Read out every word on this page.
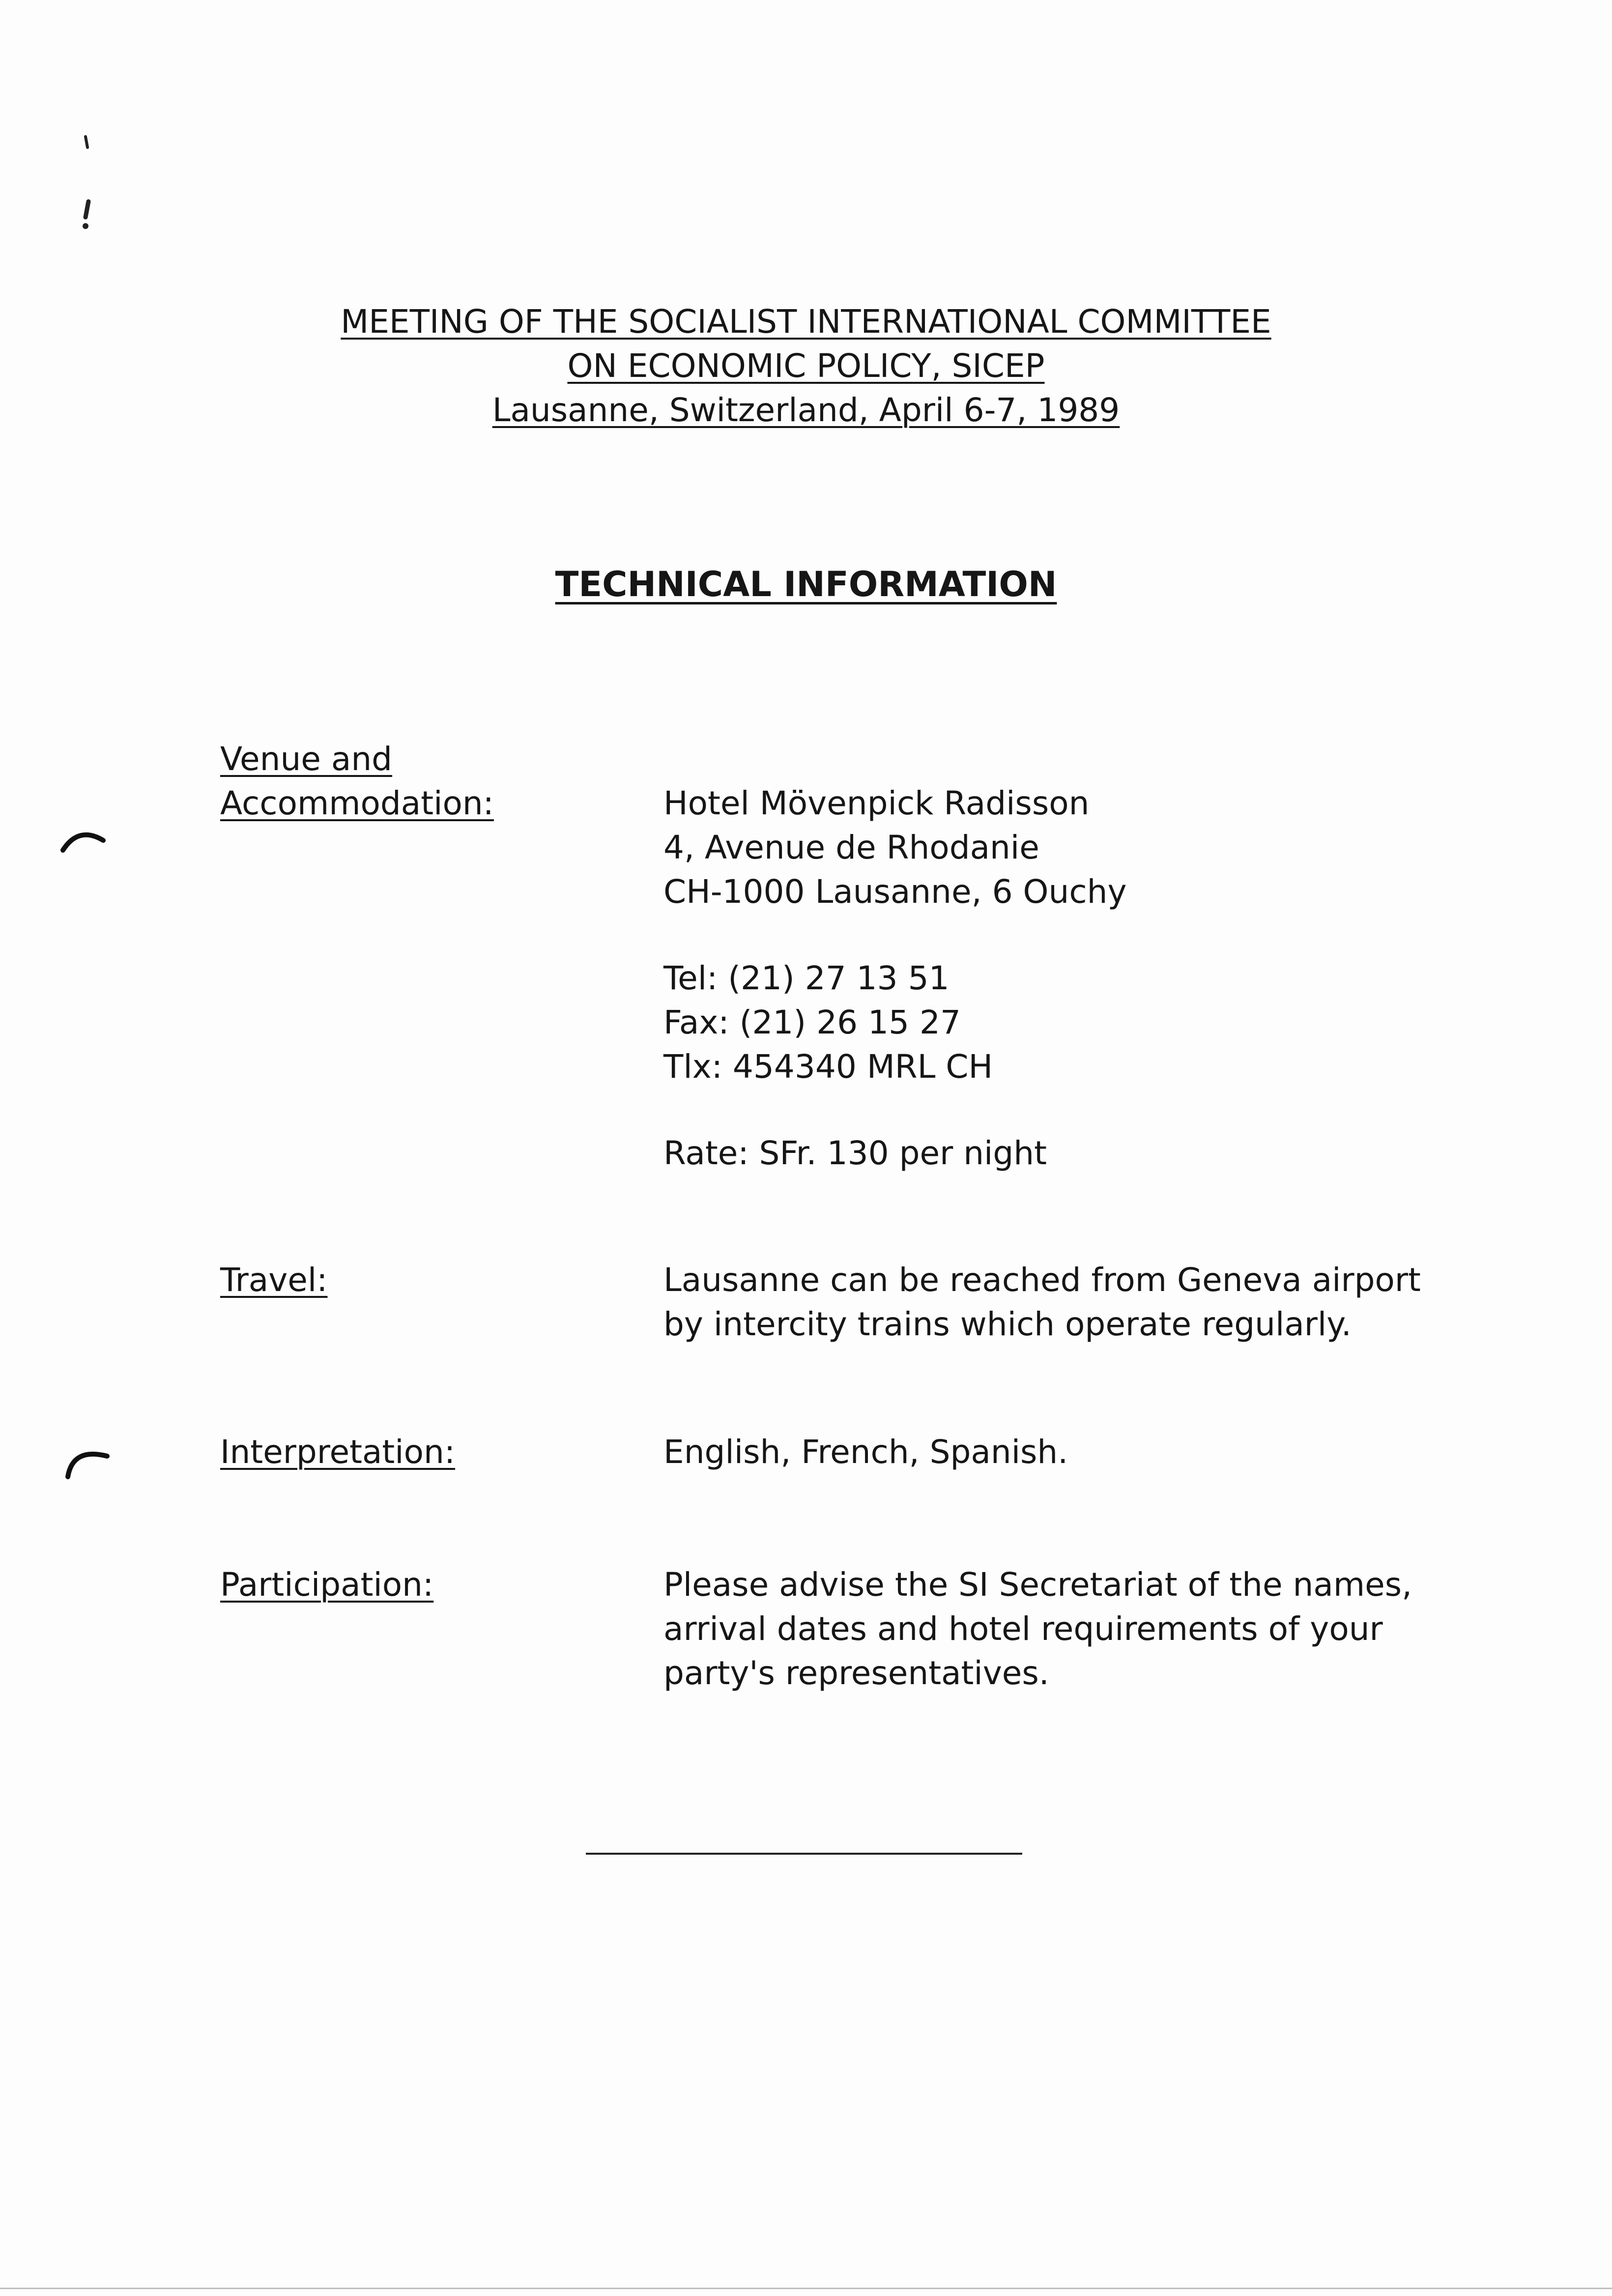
MEETING OF THE SOCIALIST INTERNATIONAL COMMITTEE
ON ECONOMIC POLICY, SICEP
Lausanne, Switzerland, April 6-7, 1989
TECHNICAL INFORMATION
Venue and
Accommodation:	Hotel Mövenpick Radisson
4, Avenue de Rhodanie
CH-1000 Lausanne, 6 Ouchy
Tel: (21) 27 13 51
Fax: (21) 26 15 27
Tlx: 454340 MRL CH
Rate: SFr. 130 per night
Travel:	Lausanne can be reached from Geneva airport
by intercity trains which operate regularly.
Interpretation:	English, French, Spanish.
Participation:	Please advise the SI Secretariat of the names,
arrival dates and hotel requirements of your
party's representatives.
